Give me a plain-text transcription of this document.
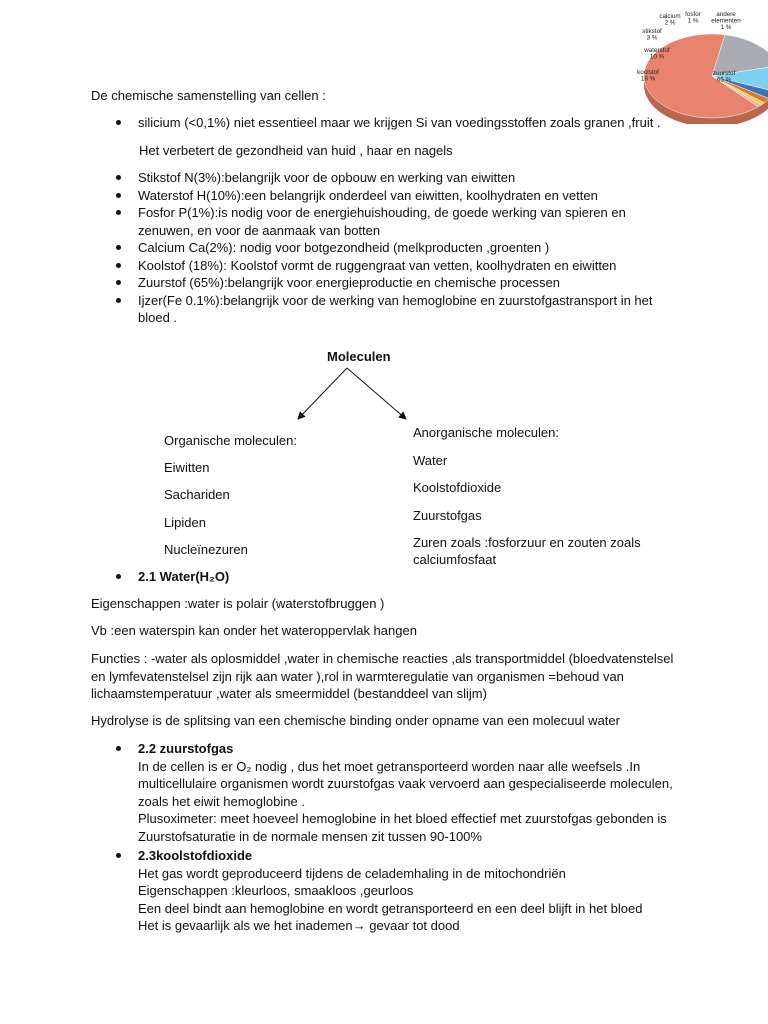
zuurstof 65 %
koolstof 18 %
waterstof 10 %
stikstof 3 %
calcium 2 %
fosfor 1 %
andere elementen 1 %
De chemische samenstelling van cellen :
silicium (<0,1%) niet essentieel maar we krijgen Si van voedingsstoffen zoals granen ,fruit .
Het verbetert de gezondheid van huid , haar en nagels
Stikstof N(3%):belangrijk voor de opbouw en werking van eiwitten
Waterstof H(10%):een belangrijk onderdeel van eiwitten, koolhydraten en vetten
Fosfor P(1%):is nodig voor de energiehuishouding, de goede werking van spieren en zenuwen, en voor de aanmaak van botten
Calcium Ca(2%): nodig voor botgezondheid (melkproducten ,groenten )
Koolstof (18%): Koolstof vormt de ruggengraat van vetten, koolhydraten en eiwitten
Zuurstof (65%):belangrijk voor energieproductie en chemische processen
Ijzer(Fe 0.1%):belangrijk voor de werking van hemoglobine en zuurstofgastransport in het bloed .
Moleculen
Organische moleculen:
Eiwitten
Sachariden
Lipiden
Nucleïnezuren
Anorganische moleculen:
Water
Koolstofdioxide
Zuurstofgas
Zuren zoals :fosforzuur en zouten zoals calciumfosfaat
2.1 Water(H₂O)
Eigenschappen :water is polair (waterstofbruggen )
Vb :een waterspin kan onder het wateroppervlak hangen
Functies : -water als oplosmiddel ,water in chemische reacties ,als transportmiddel (bloedvatenstelsel en lymfevatenstelsel zijn rijk aan water ),rol in warmteregulatie van organismen =behoud van lichaamstemperatuur ,water als smeermiddel (bestanddeel van slijm)
Hydrolyse is de splitsing van een chemische binding onder opname van een molecuul water
2.2 zuurstofgas
In de cellen is er O₂ nodig , dus het moet getransporteerd worden naar alle weefsels .In
multicellulaire organismen wordt zuurstofgas vaak vervoerd aan gespecialiseerde moleculen,
zoals het eiwit hemoglobine .
Plusoximeter: meet hoeveel hemoglobine in het bloed effectief met zuurstofgas gebonden is
Zuurstofsaturatie in de normale mensen zit tussen 90-100%
2.3koolstofdioxide
Het gas wordt geproduceerd tijdens de celademhaling in de mitochondriën
Eigenschappen :kleurloos, smaakloos ,geurloos
Een deel bindt aan hemoglobine en wordt getransporteerd en een deel blijft in het bloed
Het is gevaarlijk als we het inademen→ gevaar tot dood
